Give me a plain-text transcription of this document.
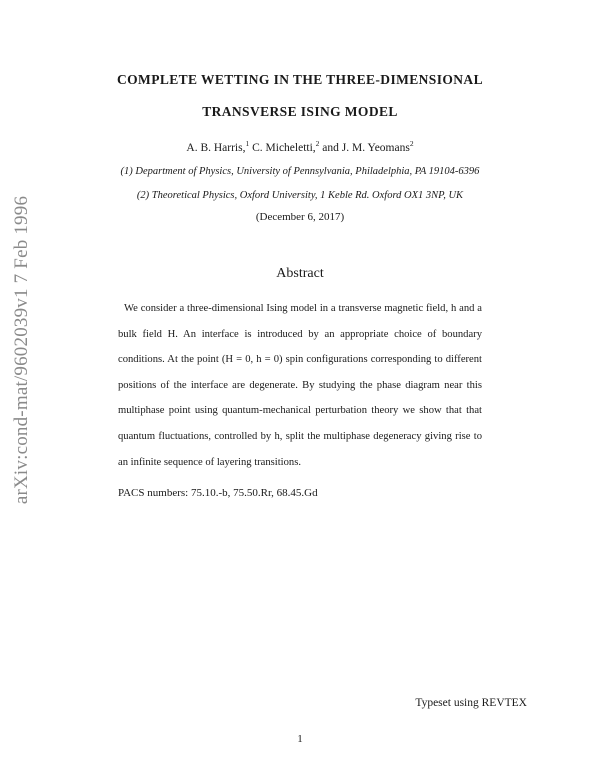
arXiv:cond-mat/9602039v1 7 Feb 1996
COMPLETE WETTING IN THE THREE-DIMENSIONAL
TRANSVERSE ISING MODEL
A. B. Harris,$^1$ C. Micheletti,$^2$ and J. M. Yeomans$^2$
(1) Department of Physics, University of Pennsylvania, Philadelphia, PA 19104-6396
(2) Theoretical Physics, Oxford University, 1 Keble Rd. Oxford OX1 3NP, UK
(December 6, 2017)
Abstract
We consider a three-dimensional Ising model in a transverse magnetic field, h and a bulk field H. An interface is introduced by an appropriate choice of boundary conditions. At the point (H = 0, h = 0) spin configurations corresponding to different positions of the interface are degenerate. By studying the phase diagram near this multiphase point using quantum-mechanical perturbation theory we show that that quantum fluctuations, controlled by h, split the multiphase degeneracy giving rise to an infinite sequence of layering transitions.
PACS numbers: 75.10.-b, 75.50.Rr, 68.45.Gd
Typeset using REVTEX
1
